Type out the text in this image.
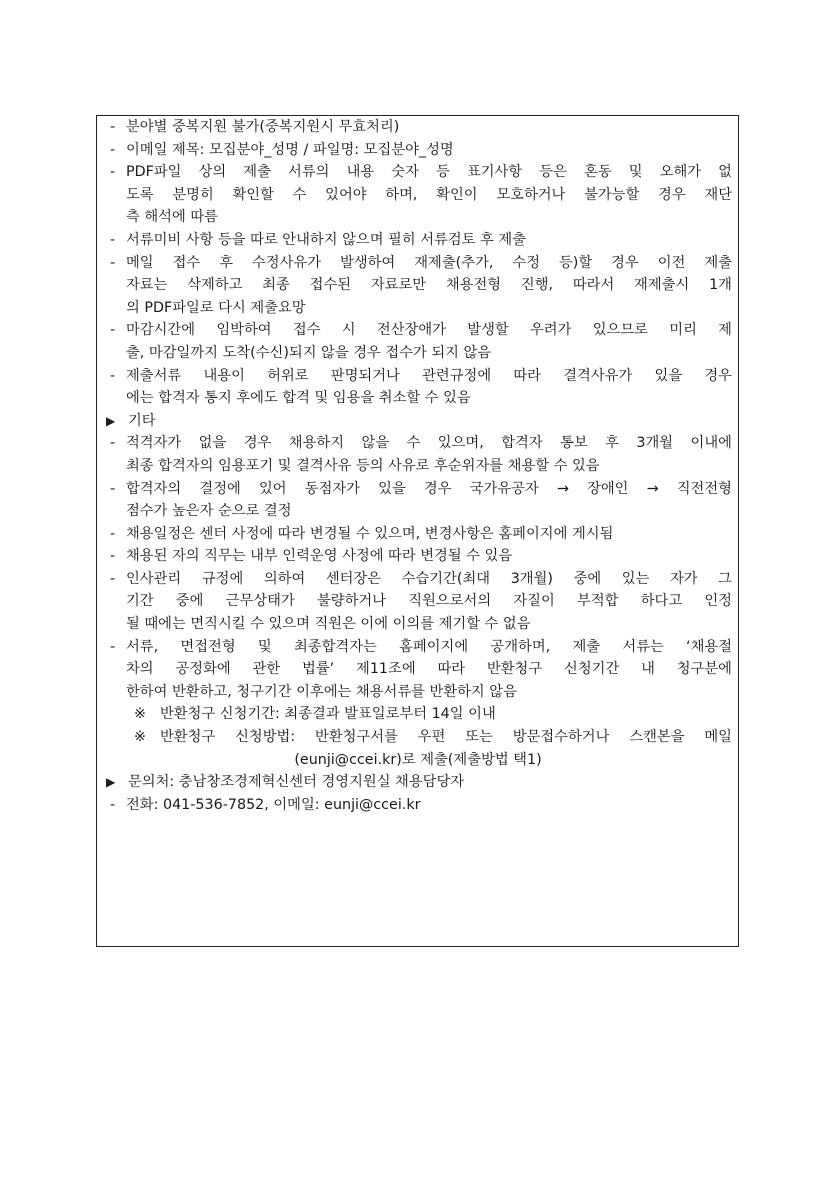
- 분야별 중복지원 불가(중복지원시 무효처리)
- 이메일 제목: 모집분야_성명 / 파일명: 모집분야_성명
- PDF파일 상의 제출 서류의 내용 숫자 등 표기사항 등은 혼동 및 오해가 없
도록 분명히 확인할 수 있어야 하며, 확인이 모호하거나 불가능할 경우 재단
측 해석에 따름
- 서류미비 사항 등을 따로 안내하지 않으며 필히 서류검토 후 제출
- 메일 접수 후 수정사유가 발생하여 재제출(추가, 수정 등)할 경우 이전 제출
자료는 삭제하고 최종 접수된 자료로만 채용전형 진행, 따라서 재제출시 1개
의 PDF파일로 다시 제출요망
- 마감시간에 임박하여 접수 시 전산장애가 발생할 우려가 있으므로 미리 제
출, 마감일까지 도착(수신)되지 않을 경우 접수가 되지 않음
- 제출서류 내용이 허위로 판명되거나 관련규정에 따라 결격사유가 있을 경우
에는 합격자 통지 후에도 합격 및 임용을 취소할 수 있음
▶ 기타
- 적격자가 없을 경우 채용하지 않을 수 있으며, 합격자 통보 후 3개월 이내에
최종 합격자의 임용포기 및 결격사유 등의 사유로 후순위자를 채용할 수 있음
- 합격자의 결정에 있어 동점자가 있을 경우 국가유공자 → 장애인 → 직전전형
점수가 높은자 순으로 결정
- 채용일정은 센터 사정에 따라 변경될 수 있으며, 변경사항은 홈페이지에 게시됨
- 채용된 자의 직무는 내부 인력운영 사정에 따라 변경될 수 있음
- 인사관리 규정에 의하여 센터장은 수습기간(최대 3개월) 중에 있는 자가 그
기간 중에 근무상태가 불량하거나 직원으로서의 자질이 부적합 하다고 인정
될 때에는 면직시킬 수 있으며 직원은 이에 이의를 제기할 수 없음
- 서류, 면접전형 및 최종합격자는 홈페이지에 공개하며, 제출 서류는 ‘채용절
차의 공정화에 관한 법률’ 제11조에 따라 반환청구 신청기간 내 청구분에
한하여 반환하고, 청구기간 이후에는 채용서류를 반환하지 않음
※ 반환청구 신청기간: 최종결과 발표일로부터 14일 이내
※ 반환청구 신청방법: 반환청구서를 우편 또는 방문접수하거나 스캔본을 메일
(eunji@ccei.kr)로 제출(제출방법 택1)
▶ 문의처: 충남창조경제혁신센터 경영지원실 채용담당자
- 전화: 041-536-7852, 이메일: eunji@ccei.kr
